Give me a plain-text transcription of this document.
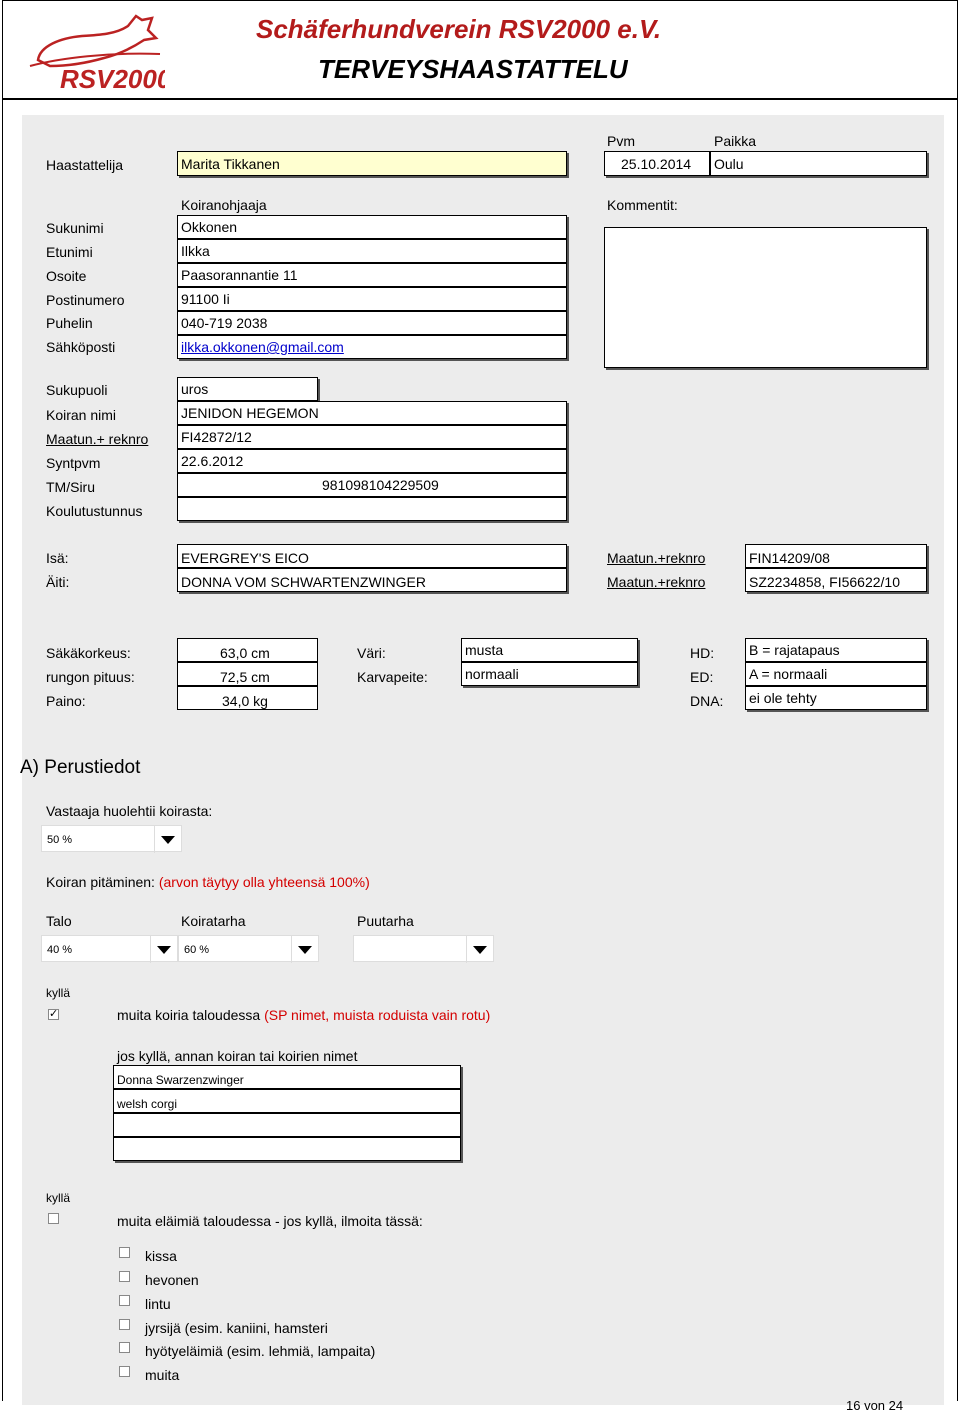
RSV2000
Schäferhundverein RSV2000 e.V.
TERVEYSHAASTATTELU
Pvm	Paikka
Haastattelija	Marita Tikkanen	25.10.2014	Oulu
Koiranohjaaja	Kommentit:
Sukunimi	Okkonen
Etunimi	Ilkka
Osoite	Paasorannantie 11
Postinumero	91100 Ii
Puhelin	040-719 2038
Sähköposti	ilkka.okkonen@gmail.com
Sukupuoli	uros
Koiran nimi	JENIDON HEGEMON
Maatun.+ reknro FI42872/12
Syntpvm	22.6.2012
TM/Siru	981098104229509
Koulutustunnus
Isä:	EVERGREY'S EICO	Maatun.+reknro	FIN14209/08
Äiti:	DONNA VOM SCHWARTENZWINGER	Maatun.+reknro	SZ2234858, FI56622/10
Säkäkorkeus:	63,0 cm
rungon pituus:	72,5 cm
Paino:	34,0 kg
Väri:	musta
Karvapeite:	normaali
HD: B = rajatapaus
ED:	A = normaali
DNA: ei ole tehty
A) Perustiedot
Vastaaja huolehtii koirasta:
50 %
Koiran pitäminen: (arvon täytyy olla yhteensä 100%)
Talo	Koiratarha	Puutarha
40 %	60 %
kyllä
✓	muita koiria taloudessa (SP nimet, muista roduista vain rotu)
jos kyllä, annan koiran tai koirien nimet
Donna Swarzenzwinger
welsh corgi
kyllä
muita eläimiä taloudessa - jos kyllä, ilmoita tässä:
kissa
hevonen
lintu
jyrsijä (esim. kaniini, hamsteri
hyötyeläimiä (esim. lehmiä, lampaita)
muita
16 von 24
